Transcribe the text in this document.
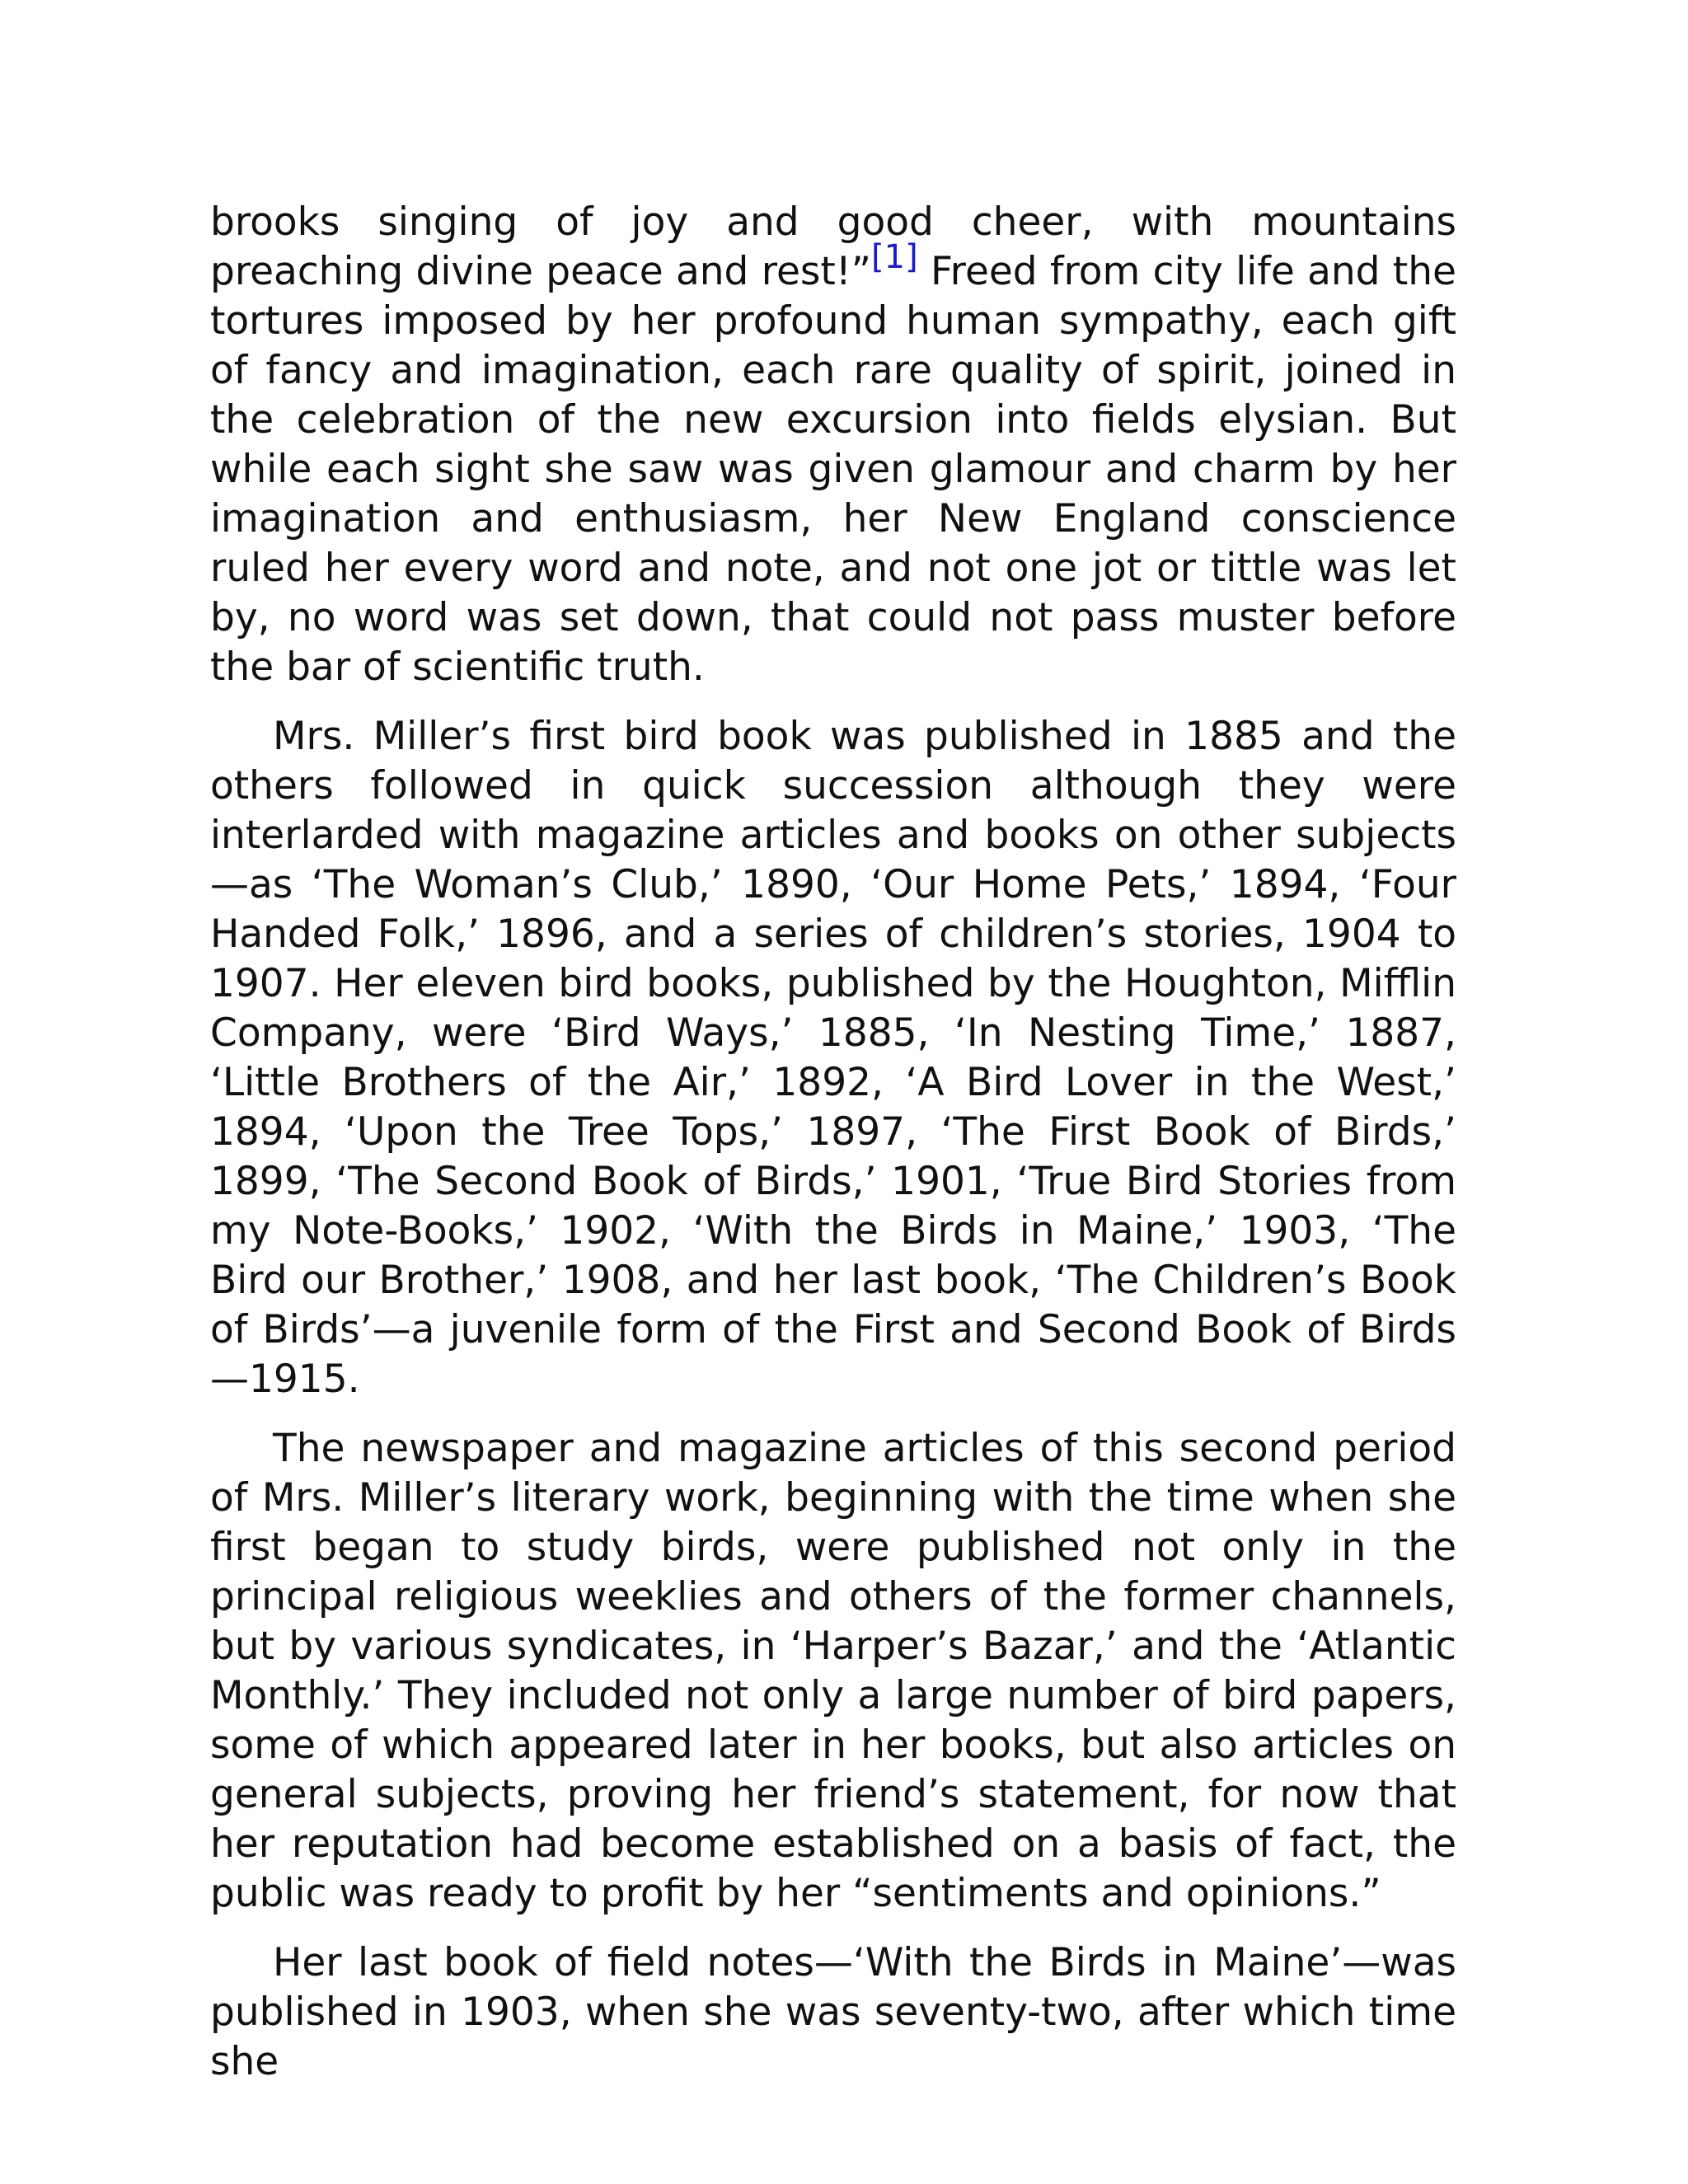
brooks singing of joy and good cheer, with mountains preaching divine peace and rest!”[1] Freed from city life and the tortures imposed by her profound human sympathy, each gift of fancy and imagination, each rare quality of spirit, joined in the celebration of the new excursion into fields elysian. But while each sight she saw was given glamour and charm by her imagination and enthusiasm, her New England conscience ruled her every word and note, and not one jot or tittle was let by, no word was set down, that could not pass muster before the bar of scientific truth.

Mrs. Miller’s first bird book was published in 1885 and the others followed in quick succession although they were interlarded with magazine articles and books on other subjects—as ‘The Woman’s Club,’ 1890, ‘Our Home Pets,’ 1894, ‘Four Handed Folk,’ 1896, and a series of children’s stories, 1904 to 1907. Her eleven bird books, published by the Houghton, Mifflin Company, were ‘Bird Ways,’ 1885, ‘In Nesting Time,’ 1887, ‘Little Brothers of the Air,’ 1892, ‘A Bird Lover in the West,’ 1894, ‘Upon the Tree Tops,’ 1897, ‘The First Book of Birds,’ 1899, ‘The Second Book of Birds,’ 1901, ‘True Bird Stories from my Note-Books,’ 1902, ‘With the Birds in Maine,’ 1903, ‘The Bird our Brother,’ 1908, and her last book, ‘The Children’s Book of Birds’—a juvenile form of the First and Second Book of Birds—1915.

The newspaper and magazine articles of this second period of Mrs. Miller’s literary work, beginning with the time when she first began to study birds, were published not only in the principal religious weeklies and others of the former channels, but by various syndicates, in ‘Harper’s Bazar,’ and the ‘Atlantic Monthly.’ They included not only a large number of bird papers, some of which appeared later in her books, but also articles on general subjects, proving her friend’s statement, for now that her reputation had become established on a basis of fact, the public was ready to profit by her “sentiments and opinions.”

Her last book of field notes—‘With the Birds in Maine’—was published in 1903, when she was seventy-two, after which time she
